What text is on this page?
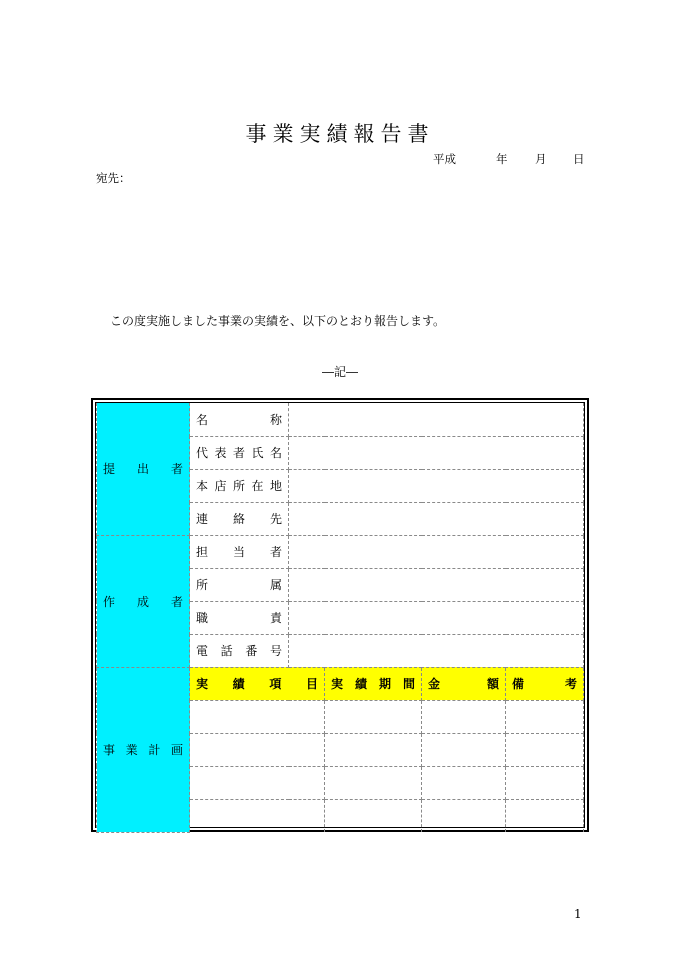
事業実績報告書
平成	年 月 日
宛先：
この度実施しました事業の実績を、以下のとおり報告します。
―記―
提 出 者	名 称				

	代 表 者 氏 名				

	本 店 所 在 地				

	連 絡 先				

作 成 者	担 当 者				

	所 属				

	職 責				

	電 話 番 号				

事 業 計 画	実 績 項 目		実 績 期 間	金 額	備 考

1
